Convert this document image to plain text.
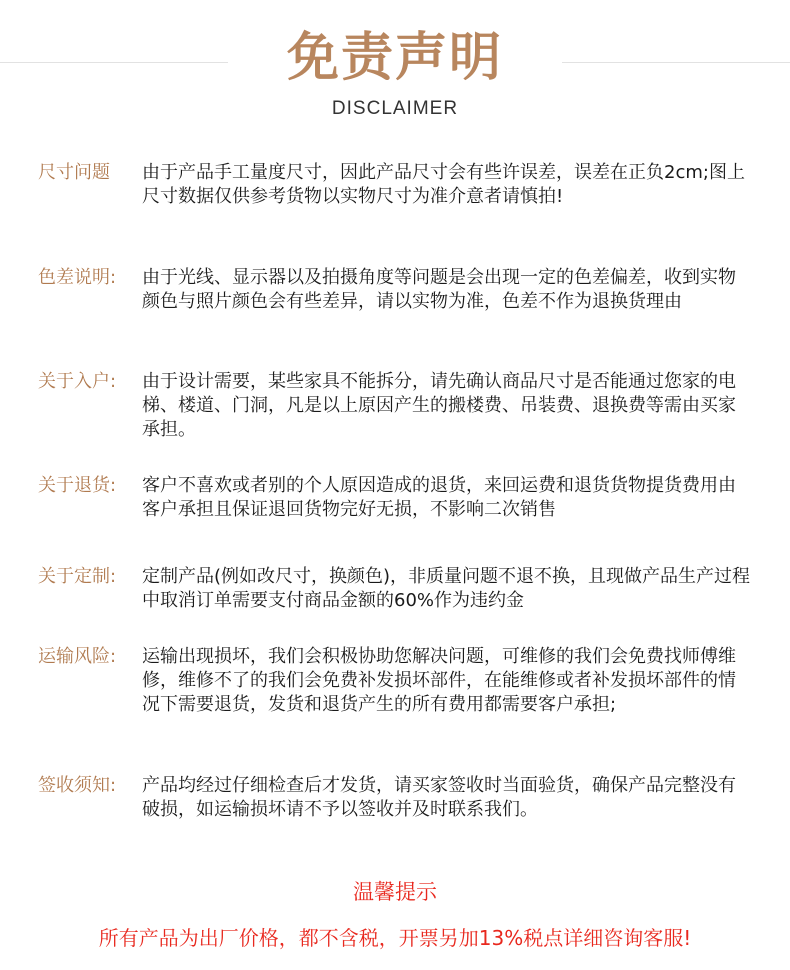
免责声明
DISCLAIMER
尺寸问题 由于产品手工量度尺寸，因此产品尺寸会有些许误差，误差在正负2cm;图上尺寸数据仅供参考货物以实物尺寸为准介意者请慎拍!
色差说明: 由于光线、显示器以及拍摄角度等问题是会出现一定的色差偏差，收到实物颜色与照片颜色会有些差异，请以实物为准，色差不作为退换货理由
关于入户: 由于设计需要，某些家具不能拆分，请先确认商品尺寸是否能通过您家的电梯、楼道、门洞，凡是以上原因产生的搬楼费、吊装费、退换费等需由买家承担。
关于退货: 客户不喜欢或者别的个人原因造成的退货，来回运费和退货货物提货费用由客户承担且保证退回货物完好无损，不影响二次销售
关于定制: 定制产品(例如改尺寸，换颜色)，非质量问题不退不换，且现做产品生产过程中取消订单需要支付商品金额的60%作为违约金
运输风险: 运输出现损坏，我们会积极协助您解决问题，可维修的我们会免费找师傅维修，维修不了的我们会免费补发损坏部件，在能维修或者补发损坏部件的情况下需要退货，发货和退货产生的所有费用都需要客户承担;
签收须知: 产品均经过仔细检查后才发货，请买家签收时当面验货，确保产品完整没有破损，如运输损坏请不予以签收并及时联系我们。
温馨提示
所有产品为出厂价格，都不含税，开票另加13%税点详细咨询客服!
